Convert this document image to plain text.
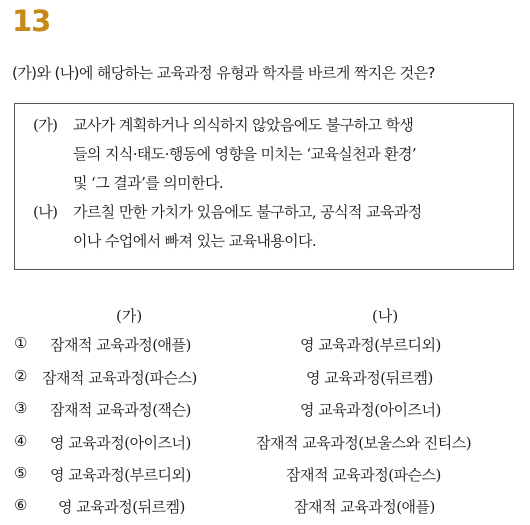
13
(가)와 (나)에 해당하는 교육과정 유형과 학자를 바르게 짝지은 것은?
(가) 교사가 계획하거나 의식하지 않았음에도 불구하고 학생
들의 지식·태도·행동에 영향을 미치는 ‘교육실천과 환경’
및 ‘그 결과’를 의미한다.
(나) 가르칠 만한 가치가 있음에도 불구하고, 공식적 교육과정
이나 수업에서 빠져 있는 교육내용이다.
(가)	(나)
① 잠재적 교육과정(애플)	영 교육과정(부르디외)
② 잠재적 교육과정(파슨스)	영 교육과정(뒤르켐)
③ 잠재적 교육과정(잭슨)	영 교육과정(아이즈너)
④ 영 교육과정(아이즈너)	잠재적 교육과정(보울스와 진티스)
⑤ 영 교육과정(부르디외)	잠재적 교육과정(파슨스)
⑥ 영 교육과정(뒤르켐)	잠재적 교육과정(애플)
